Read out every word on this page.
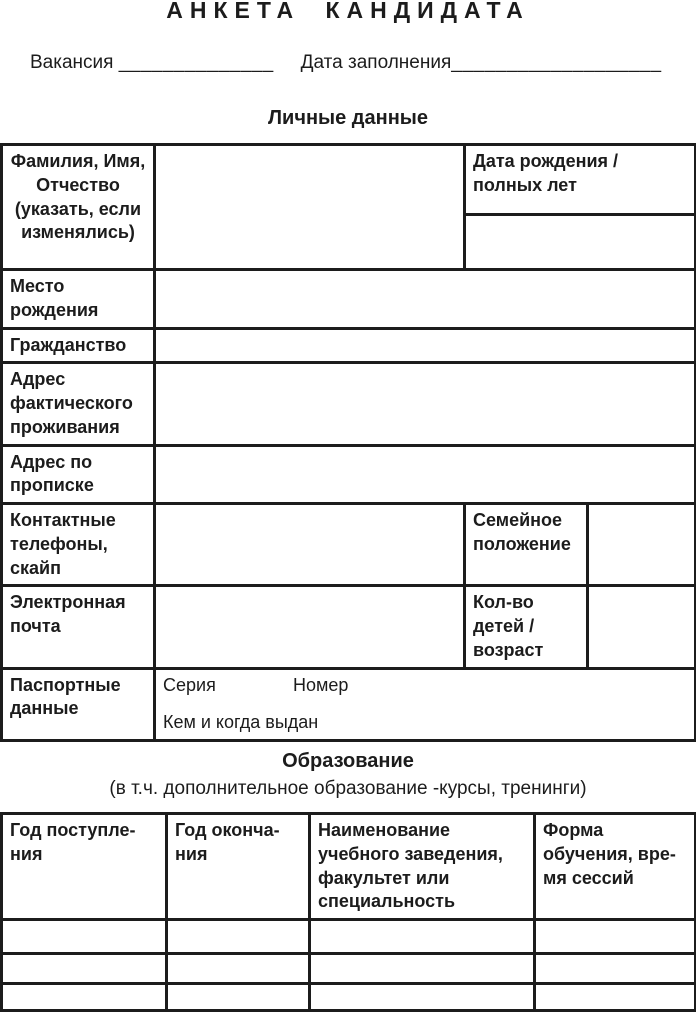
АНКЕТА КАНДИДАТА
Вакансия ______________ Дата заполнения___________________
Личные данные
Фамилия, Имя, Отчество (указать, если изменялись)		Дата рождения / полных лет	

Место рождения			
Гражданство			
Адрес фактического проживания			
Адрес по прописке			
Контактные телефоны, скайп		Семейное положение	
Электронная почта		Кол-во детей / возраст	
Паспортные данные	Серия Номер
Кем и когда выдан		
Образование
(в т.ч. дополнительное образование -курсы, тренинги)
Год поступле-ния	Год оконча-ния	Наименование учебного заведения, факультет или специальность	Форма обучения, вре-мя сессий
